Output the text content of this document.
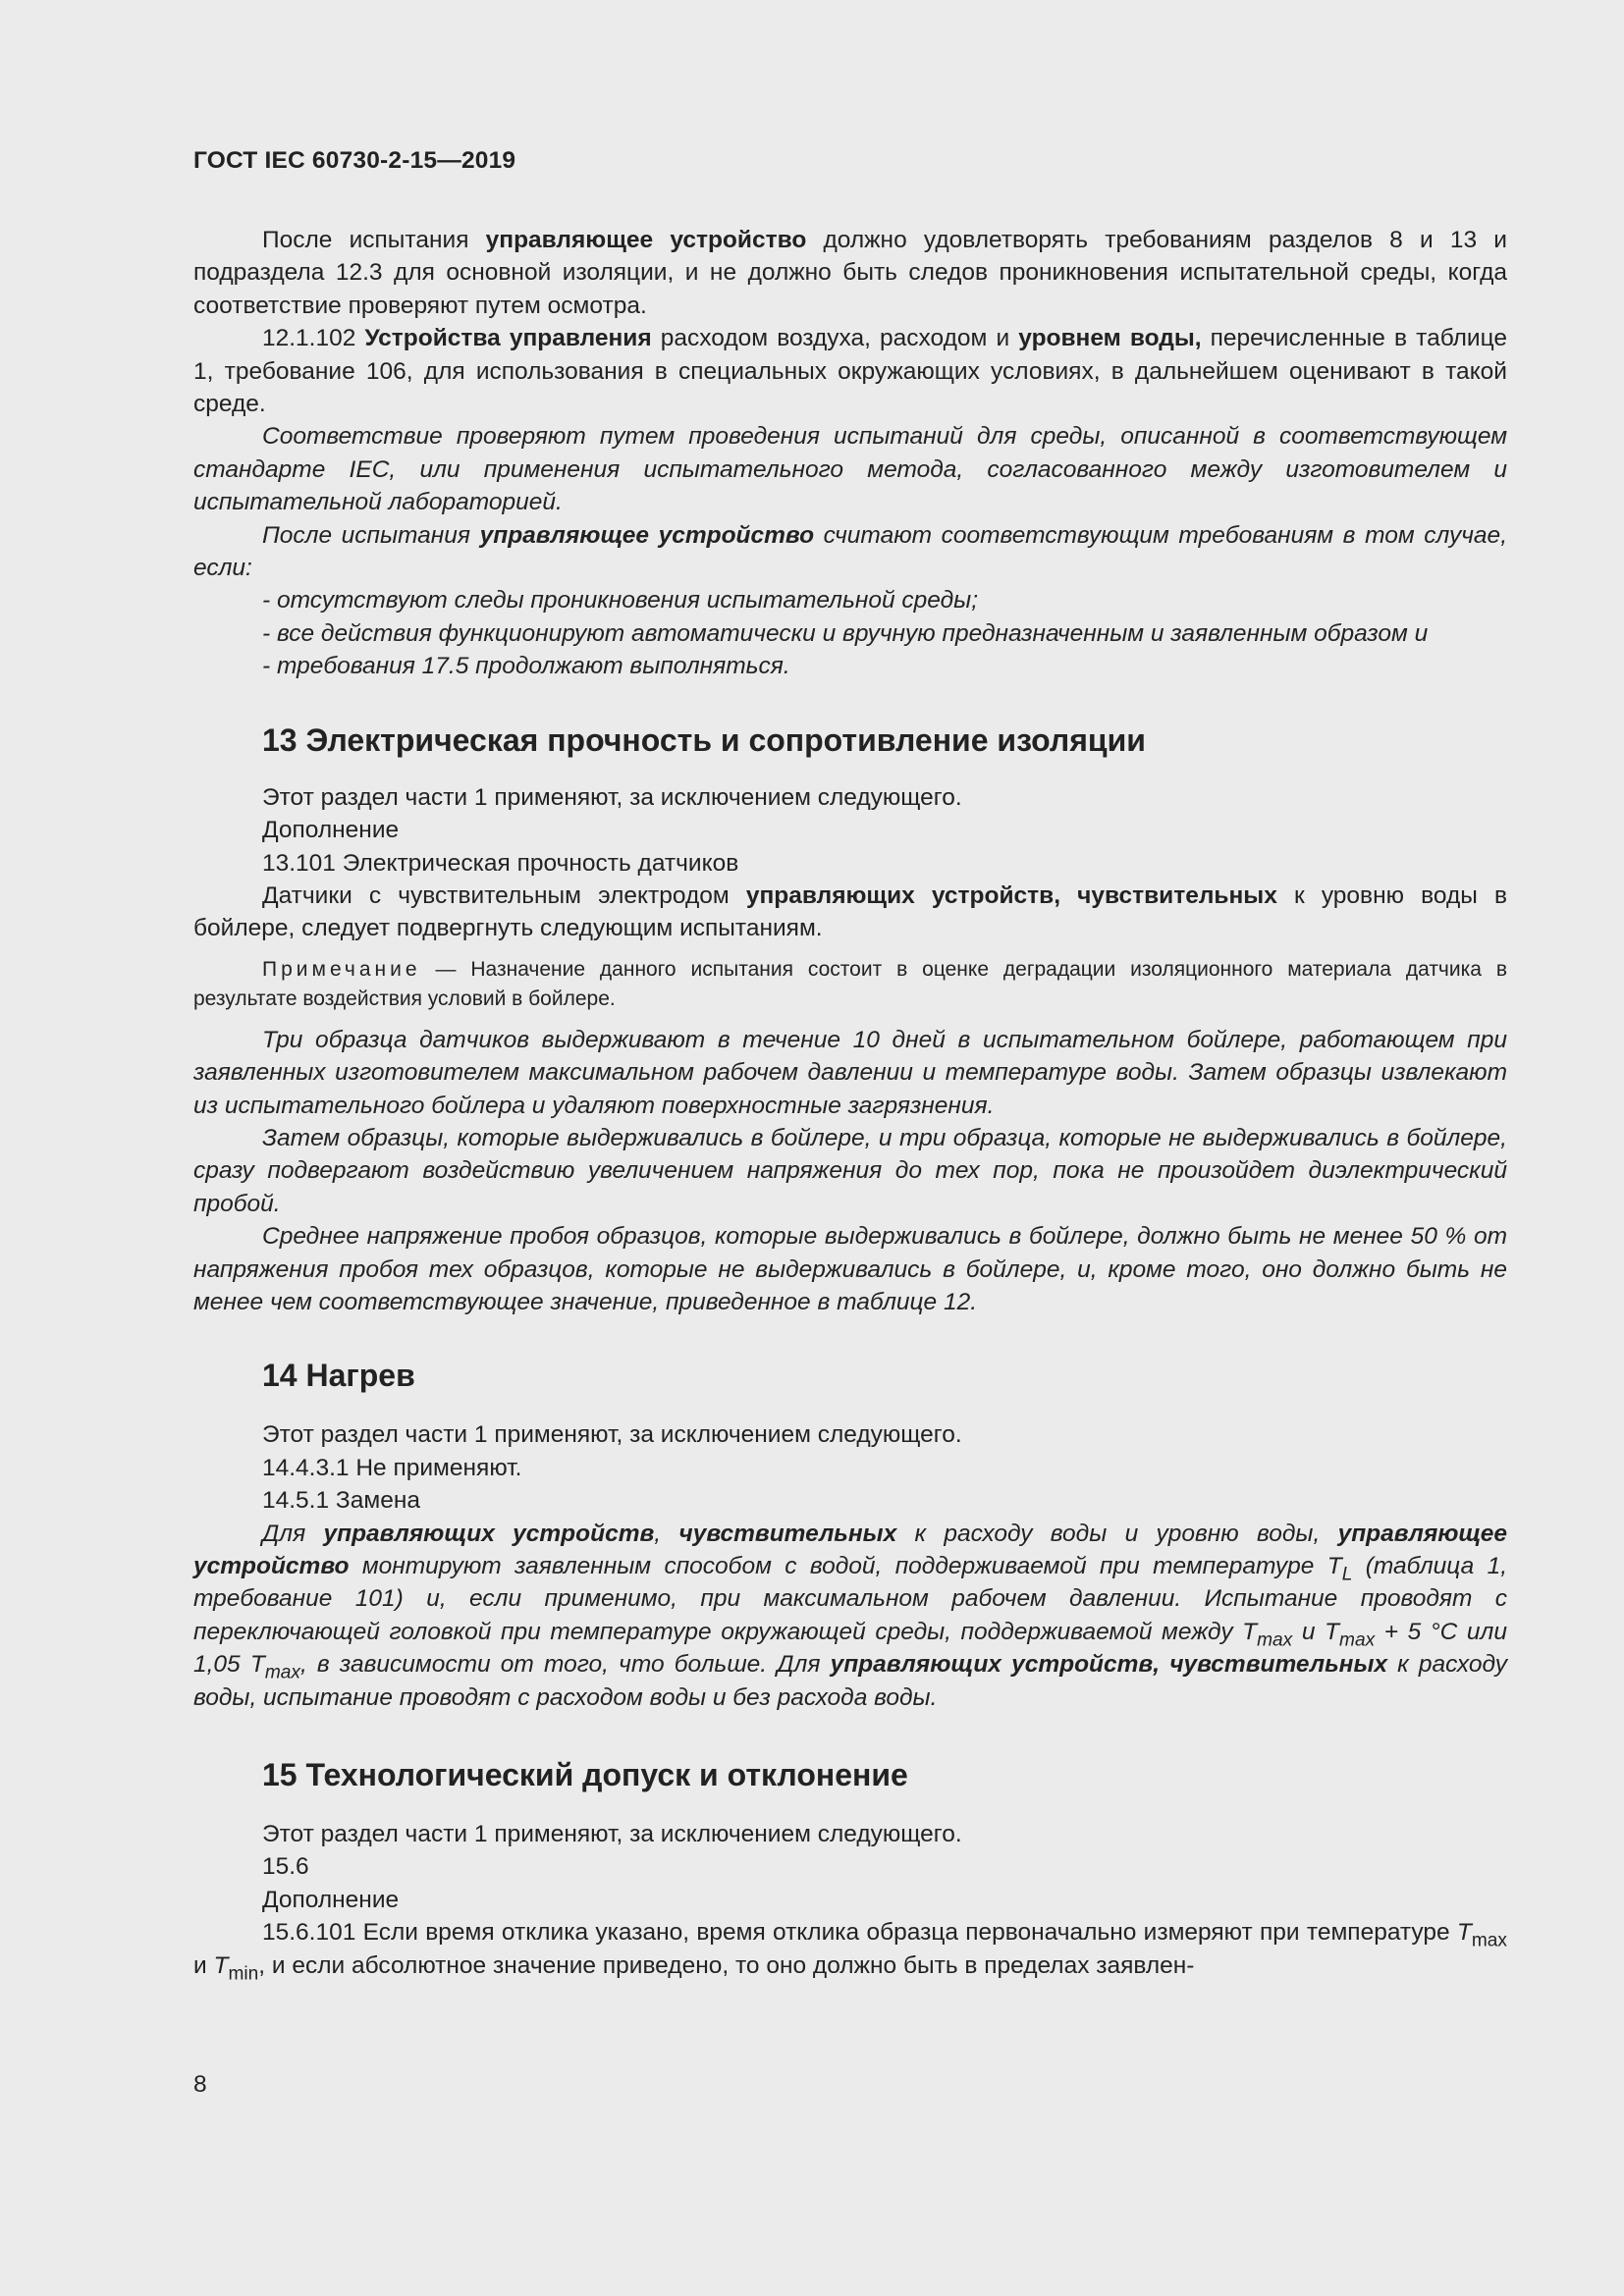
ГОСТ IEC 60730-2-15—2019

После испытания управляющее устройство должно удовлетворять требованиям разделов 8 и 13 и подраздела 12.3 для основной изоляции, и не должно быть следов проникновения испытательной среды, когда соответствие проверяют путем осмотра.

12.1.102 Устройства управления расходом воздуха, расходом и уровнем воды, перечисленные в таблице 1, требование 106, для использования в специальных окружающих условиях, в дальнейшем оценивают в такой среде.

Соответствие проверяют путем проведения испытаний для среды, описанной в соответствующем стандарте IEC, или применения испытательного метода, согласованного между изготовителем и испытательной лабораторией.

После испытания управляющее устройство считают соответствующим требованиям в том случае, если:

- отсутствуют следы проникновения испытательной среды;

- все действия функционируют автоматически и вручную предназначенным и заявленным образом и

- требования 17.5 продолжают выполняться.

13 Электрическая прочность и сопротивление изоляции

Этот раздел части 1 применяют, за исключением следующего.

Дополнение

13.101 Электрическая прочность датчиков

Датчики с чувствительным электродом управляющих устройств, чувствительных к уровню воды в бойлере, следует подвергнуть следующим испытаниям.

Примечание — Назначение данного испытания состоит в оценке деградации изоляционного материала датчика в результате воздействия условий в бойлере.

Три образца датчиков выдерживают в течение 10 дней в испытательном бойлере, работающем при заявленных изготовителем максимальном рабочем давлении и температуре воды. Затем образцы извлекают из испытательного бойлера и удаляют поверхностные загрязнения.

Затем образцы, которые выдерживались в бойлере, и три образца, которые не выдерживались в бойлере, сразу подвергают воздействию увеличением напряжения до тех пор, пока не произойдет диэлектрический пробой.

Среднее напряжение пробоя образцов, которые выдерживались в бойлере, должно быть не менее 50 % от напряжения пробоя тех образцов, которые не выдерживались в бойлере, и, кроме того, оно должно быть не менее чем соответствующее значение, приведенное в таблице 12.

14 Нагрев

Этот раздел части 1 применяют, за исключением следующего.

14.4.3.1 Не применяют.

14.5.1 Замена

Для управляющих устройств, чувствительных к расходу воды и уровню воды, управляющее устройство монтируют заявленным способом с водой, поддерживаемой при температуре $T_L$ (таблица 1, требование 101) и, если применимо, при максимальном рабочем давлении. Испытание проводят с переключающей головкой при температуре окружающей среды, поддерживаемой между $T_{max}$ и $T_{max} + 5$ °C или 1,05 $T_{max}$, в зависимости от того, что больше. Для управляющих устройств, чувствительных к расходу воды, испытание проводят с расходом воды и без расхода воды.

15 Технологический допуск и отклонение

Этот раздел части 1 применяют, за исключением следующего.

15.6

Дополнение

15.6.101 Если время отклика указано, время отклика образца первоначально измеряют при температуре $T_{max}$ и $T_{min}$, и если абсолютное значение приведено, то оно должно быть в пределах заявлен-

8
